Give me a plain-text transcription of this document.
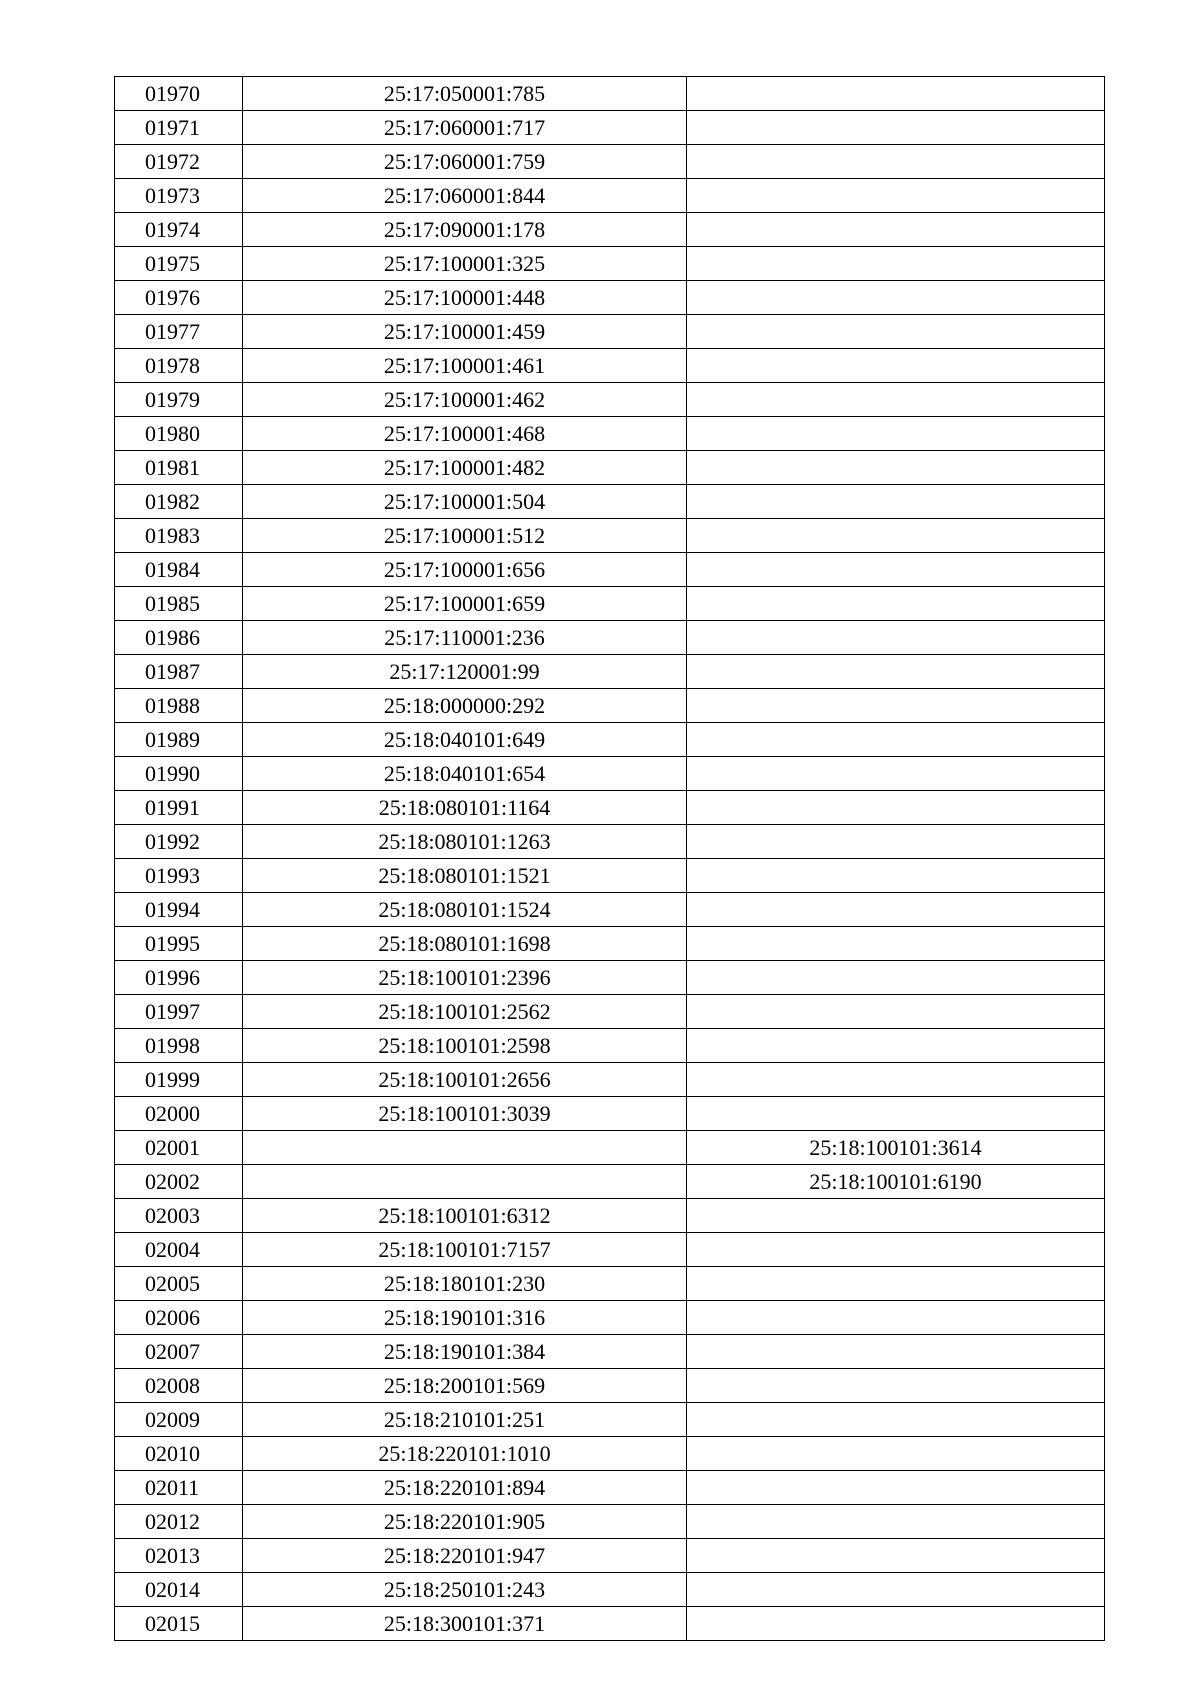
01970	25:17:050001:785	
01971	25:17:060001:717	
01972	25:17:060001:759	
01973	25:17:060001:844	
01974	25:17:090001:178	
01975	25:17:100001:325	
01976	25:17:100001:448	
01977	25:17:100001:459	
01978	25:17:100001:461	
01979	25:17:100001:462	
01980	25:17:100001:468	
01981	25:17:100001:482	
01982	25:17:100001:504	
01983	25:17:100001:512	
01984	25:17:100001:656	
01985	25:17:100001:659	
01986	25:17:110001:236	
01987	25:17:120001:99	
01988	25:18:000000:292	
01989	25:18:040101:649	
01990	25:18:040101:654	
01991	25:18:080101:1164	
01992	25:18:080101:1263	
01993	25:18:080101:1521	
01994	25:18:080101:1524	
01995	25:18:080101:1698	
01996	25:18:100101:2396	
01997	25:18:100101:2562	
01998	25:18:100101:2598	
01999	25:18:100101:2656	
02000	25:18:100101:3039	
02001		25:18:100101:3614
02002		25:18:100101:6190
02003	25:18:100101:6312	
02004	25:18:100101:7157	
02005	25:18:180101:230	
02006	25:18:190101:316	
02007	25:18:190101:384	
02008	25:18:200101:569	
02009	25:18:210101:251	
02010	25:18:220101:1010	
02011	25:18:220101:894	
02012	25:18:220101:905	
02013	25:18:220101:947	
02014	25:18:250101:243	
02015	25:18:300101:371	
